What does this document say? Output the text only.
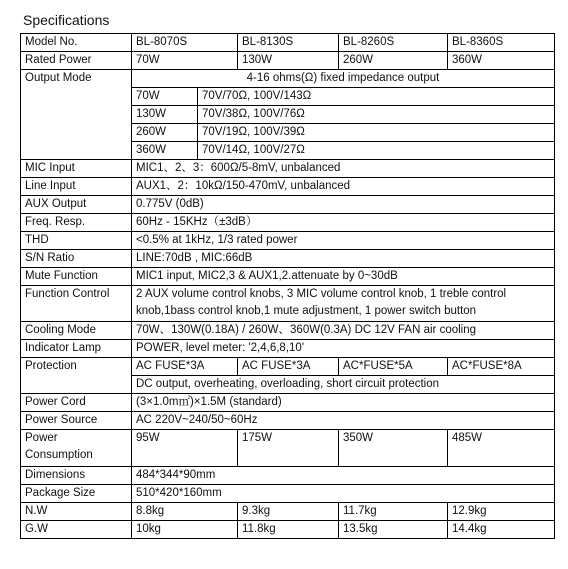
Specifications
Model No.	BL-8070S		BL-8130S	BL-8260S	BL-8360S
Rated Power	70W		130W	260W	360W
Output Mode	4-16 ohms(Ω) fixed impedance output				
	70W	70V/70Ω, 100V/143Ω			
	130W	70V/38Ω, 100V/76Ω			
	260W	70V/19Ω, 100V/39Ω			
	360W	70V/14Ω, 100V/27Ω			
MIC Input	MIC1、2、3：600Ω/5-8mV, unbalanced				
Line Input	AUX1、2：10kΩ/150-470mV, unbalanced				
AUX Output	0.775V (0dB)				
Freq. Resp.	60Hz - 15KHz（±3dB）				
THD	<0.5% at 1kHz, 1/3 rated power				
S/N Ratio	LINE:70dB , MIC:66dB				
Mute Function	MIC1 input, MIC2,3 & AUX1,2.attenuate by 0~30dB				
Function Control	2 AUX volume control knobs, 3 MIC volume control knob, 1 treble control knob,1bass control knob,1 mute adjustment, 1 power switch button				
Cooling Mode	70W、130W(0.18A) / 260W、360W(0.3A) DC 12V FAN air cooling				
Indicator Lamp	POWER, level meter: '2,4,6,8,10'				
Protection	AC FUSE*3A		AC FUSE*3A	AC*FUSE*5A	AC*FUSE*8A
	DC output, overheating, overloading, short circuit protection				
Power Cord	(3×1.0m㎡)×1.5M (standard)				
Power Source	AC 220V~240/50~60Hz				
Power Consumption	95W		175W	350W	485W
Dimensions	484*344*90mm				
Package Size	510*420*160mm				
N.W	8.8kg		9.3kg	11.7kg	12.9kg
G.W	10kg		11.8kg	13.5kg	14.4kg
